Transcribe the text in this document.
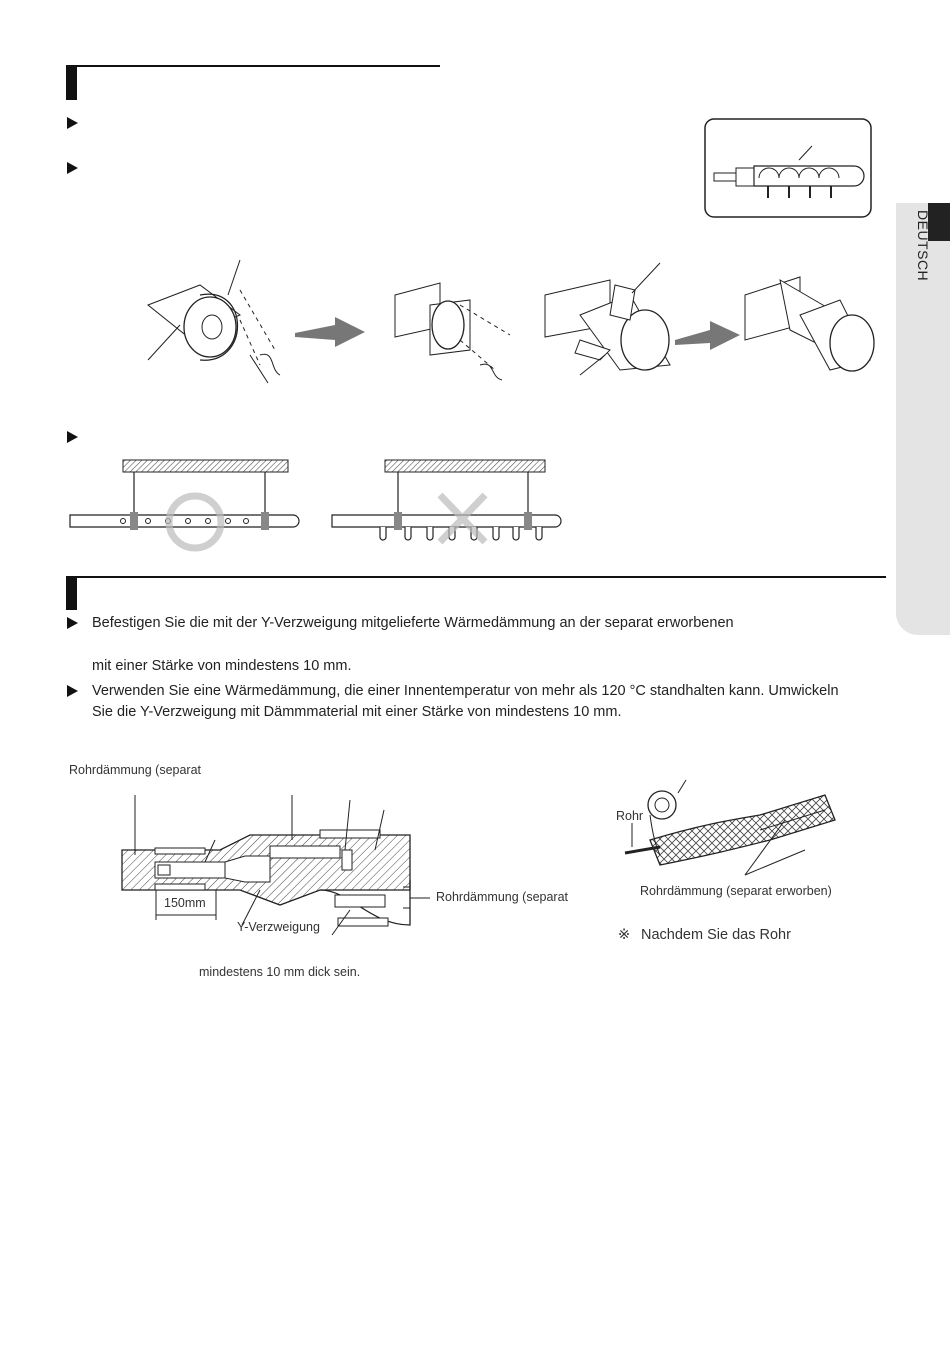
DEUTSCH
Befestigen Sie die mit der Y-Verzweigung mitgelieferte Wärmedämmung an der separat erworbenen
mit einer Stärke von mindestens 10 mm.
Verwenden Sie eine Wärmedämmung, die einer Innentemperatur von mehr als 120 °C standhalten kann. Umwickeln
Sie die Y-Verzweigung mit Dämmmaterial mit einer Stärke von mindestens 10 mm.
Rohrdämmung (separat
150mm
Y-Verzweigung
Rohrdämmung (separat
mindestens 10 mm dick sein.
Rohr
Rohrdämmung (separat erworben)
※ Nachdem Sie das Rohr
